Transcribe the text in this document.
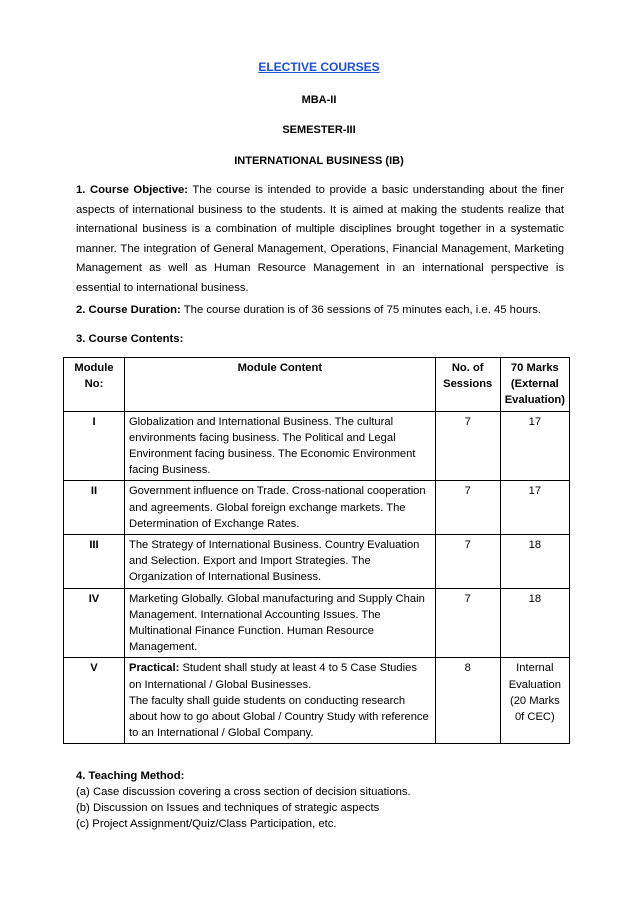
ELECTIVE COURSES
MBA-II
SEMESTER-III
INTERNATIONAL BUSINESS (IB)
1. Course Objective: The course is intended to provide a basic understanding about the finer aspects of international business to the students. It is aimed at making the students realize that international business is a combination of multiple disciplines brought together in a systematic manner. The integration of General Management, Operations, Financial Management, Marketing Management as well as Human Resource Management in an international perspective is essential to international business.
2. Course Duration: The course duration is of 36 sessions of 75 minutes each, i.e. 45 hours.
3. Course Contents:
Module No:	Module Content	No. of Sessions	70 Marks (External Evaluation)
I	Globalization and International Business. The cultural environments facing business. The Political and Legal Environment facing business. The Economic Environment facing Business.	7	17
II	Government influence on Trade. Cross-national cooperation and agreements. Global foreign exchange markets. The Determination of Exchange Rates.	7	17
III	The Strategy of International Business. Country Evaluation and Selection. Export and Import Strategies. The Organization of International Business.	7	18
IV	Marketing Globally. Global manufacturing and Supply Chain Management. International Accounting Issues. The Multinational Finance Function. Human Resource Management.	7	18
V	Practical: Student shall study at least 4 to 5 Case Studies on International / Global Businesses.
The faculty shall guide students on conducting research about how to go about Global / Country Study with reference to an International / Global Company.	8	Internal Evaluation (20 Marks 0f CEC)
4. Teaching Method:
(a) Case discussion covering a cross section of decision situations.
(b) Discussion on Issues and techniques of strategic aspects
(c) Project Assignment/Quiz/Class Participation, etc.
